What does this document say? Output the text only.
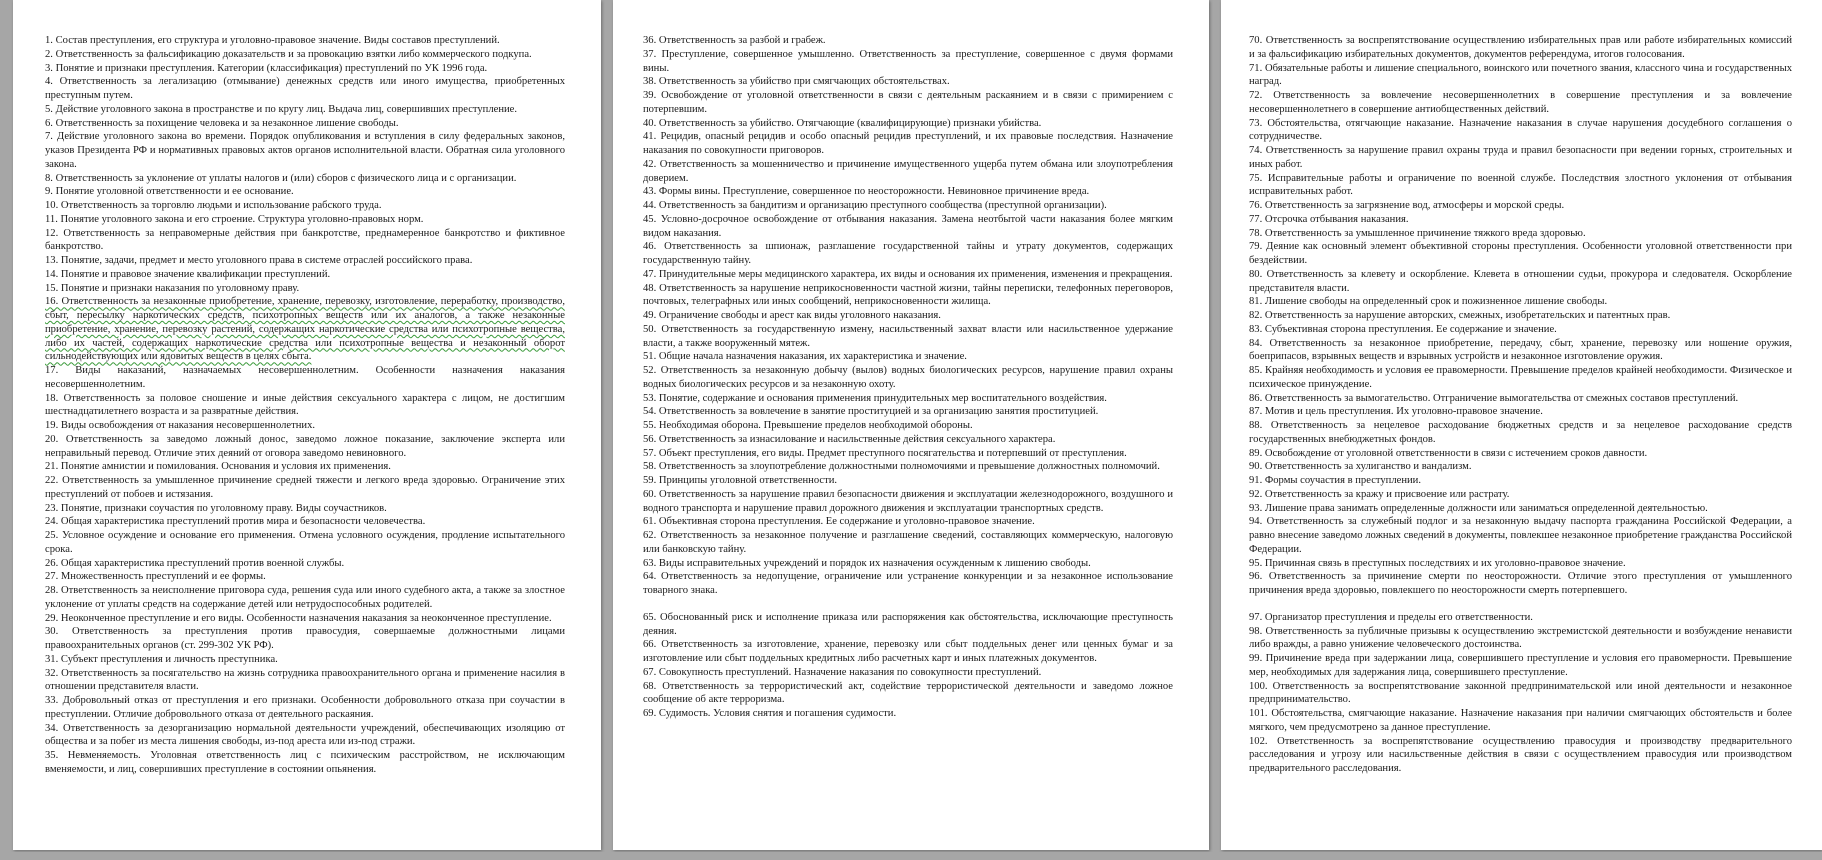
1. Состав преступления, его структура и уголовно-правовое значение. Виды составов преступлений.
2. Ответственность за фальсификацию доказательств и за провокацию взятки либо коммерческого подкупа.
3. Понятие и признаки преступления. Категории (классификация) преступлений по УК 1996 года.
4. Ответственность за легализацию (отмывание) денежных средств или иного имущества, приобретенных преступным путем.
5. Действие уголовного закона в пространстве и по кругу лиц. Выдача лиц, совершивших преступление.
6. Ответственность за похищение человека и за незаконное лишение свободы.
7. Действие уголовного закона во времени. Порядок опубликования и вступления в силу федеральных законов, указов Президента РФ и нормативных правовых актов органов исполнительной власти. Обратная сила уголовного закона.
8. Ответственность за уклонение от уплаты налогов и (или) сборов с физического лица и с организации.
9. Понятие уголовной ответственности и ее основание.
10. Ответственность за торговлю людьми и использование рабского труда.
11. Понятие уголовного закона и его строение. Структура уголовно-правовых норм.
12. Ответственность за неправомерные действия при банкротстве, преднамеренное банкротство и фиктивное банкротство.
13. Понятие, задачи, предмет и место уголовного права в системе отраслей российского права.
14. Понятие и правовое значение квалификации преступлений.
15. Понятие и признаки наказания по уголовному праву.
16. Ответственность за незаконные приобретение, хранение, перевозку, изготовление, переработку, производство, сбыт, пересылку наркотических средств, психотропных веществ или их аналогов, а также незаконные приобретение, хранение, перевозку растений, содержащих наркотические средства или психотропные вещества, либо их частей, содержащих наркотические средства или психотропные вещества и незаконный оборот сильнодействующих или ядовитых веществ в целях сбыта.
17. Виды наказаний, назначаемых несовершеннолетним. Особенности назначения наказания несовершеннолетним.
18. Ответственность за половое сношение и иные действия сексуального характера с лицом, не достигшим шестнадцатилетнего возраста и за развратные действия.
19. Виды освобождения от наказания несовершеннолетних.
20. Ответственность за заведомо ложный донос, заведомо ложное показание, заключение эксперта или неправильный перевод. Отличие этих деяний от оговора заведомо невиновного.
21. Понятие амнистии и помилования. Основания и условия их применения.
22. Ответственность за умышленное причинение средней тяжести и легкого вреда здоровью. Ограничение этих преступлений от побоев и истязания.
23. Понятие, признаки соучастия по уголовному праву. Виды соучастников.
24. Общая характеристика преступлений против мира и безопасности человечества.
25. Условное осуждение и основание его применения. Отмена условного осуждения, продление испытательного срока.
26. Общая характеристика преступлений против военной службы.
27. Множественность преступлений и ее формы.
28. Ответственность за неисполнение приговора суда, решения суда или иного судебного акта, а также за злостное уклонение от уплаты средств на содержание детей или нетрудоспособных родителей.
29. Неоконченное преступление и его виды. Особенности назначения наказания за неоконченное преступление.
30. Ответственность за преступления против правосудия, совершаемые должностными лицами правоохранительных органов (ст. 299-302 УК РФ).
31. Субъект преступления и личность преступника.
32. Ответственность за посягательство на жизнь сотрудника правоохранительного органа и применение насилия в отношении представителя власти.
33. Добровольный отказ от преступления и его признаки. Особенности добровольного отказа при соучастии в преступлении. Отличие добровольного отказа от деятельного раскаяния.
34. Ответственность за дезорганизацию нормальной деятельности учреждений, обеспечивающих изоляцию от общества и за побег из места лишения свободы, из-под ареста или из-под стражи.
35. Невменяемость. Уголовная ответственность лиц с психическим расстройством, не исключающим вменяемости, и лиц, совершивших преступление в состоянии опьянения.
36. Ответственность за разбой и грабеж.
37. Преступление, совершенное умышленно. Ответственность за преступление, совершенное с двумя формами вины.
38. Ответственность за убийство при смягчающих обстоятельствах.
39. Освобождение от уголовной ответственности в связи с деятельным раскаянием и в связи с примирением с потерпевшим.
40. Ответственность за убийство. Отягчающие (квалифицирующие) признаки убийства.
41. Рецидив, опасный рецидив и особо опасный рецидив преступлений, и их правовые последствия. Назначение наказания по совокупности приговоров.
42. Ответственность за мошенничество и причинение имущественного ущерба путем обмана или злоупотребления доверием.
43. Формы вины. Преступление, совершенное по неосторожности. Невиновное причинение вреда.
44. Ответственность за бандитизм и организацию преступного сообщества (преступной организации).
45. Условно-досрочное освобождение от отбывания наказания. Замена неотбытой части наказания более мягким видом наказания.
46. Ответственность за шпионаж, разглашение государственной тайны и утрату документов, содержащих государственную тайну.
47. Принудительные меры медицинского характера, их виды и основания их применения, изменения и прекращения.
48. Ответственность за нарушение неприкосновенности частной жизни, тайны переписки, телефонных переговоров, почтовых, телеграфных или иных сообщений, неприкосновенности жилища.
49. Ограничение свободы и арест как виды уголовного наказания.
50. Ответственность за государственную измену, насильственный захват власти или насильственное удержание власти, а также вооруженный мятеж.
51. Общие начала назначения наказания, их характеристика и значение.
52. Ответственность за незаконную добычу (вылов) водных биологических ресурсов, нарушение правил охраны водных биологических ресурсов и за незаконную охоту.
53. Понятие, содержание и основания применения принудительных мер воспитательного воздействия.
54. Ответственность за вовлечение в занятие проституцией и за организацию занятия проституцией.
55. Необходимая оборона. Превышение пределов необходимой обороны.
56. Ответственность за изнасилование и насильственные действия сексуального характера.
57. Объект преступления, его виды. Предмет преступного посягательства и потерпевший от преступления.
58. Ответственность за злоупотребление должностными полномочиями и превышение должностных полномочий.
59. Принципы уголовной ответственности.
60. Ответственность за нарушение правил безопасности движения и эксплуатации железнодорожного, воздушного и водного транспорта и нарушение правил дорожного движения и эксплуатации транспортных средств.
61. Объективная сторона преступления. Ее содержание и уголовно-правовое значение.
62. Ответственность за незаконное получение и разглашение сведений, составляющих коммерческую, налоговую или банковскую тайну.
63. Виды исправительных учреждений и порядок их назначения осужденным к лишению свободы.
64. Ответственность за недопущение, ограничение или устранение конкуренции и за незаконное использование товарного знака.
65. Обоснованный риск и исполнение приказа или распоряжения как обстоятельства, исключающие преступность деяния.
66. Ответственность за изготовление, хранение, перевозку или сбыт поддельных денег или ценных бумаг и за изготовление или сбыт поддельных кредитных либо расчетных карт и иных платежных документов.
67. Совокупность преступлений. Назначение наказания по совокупности преступлений.
68. Ответственность за террористический акт, содействие террористической деятельности и заведомо ложное сообщение об акте терроризма.
69. Судимость. Условия снятия и погашения судимости.
70. Ответственность за воспрепятствование осуществлению избирательных прав или работе избирательных комиссий и за фальсификацию избирательных документов, документов референдума, итогов голосования.
71. Обязательные работы и лишение специального, воинского или почетного звания, классного чина и государственных наград.
72. Ответственность за вовлечение несовершеннолетних в совершение преступления и за вовлечение несовершеннолетнего в совершение антиобщественных действий.
73. Обстоятельства, отягчающие наказание. Назначение наказания в случае нарушения досудебного соглашения о сотрудничестве.
74. Ответственность за нарушение правил охраны труда и правил безопасности при ведении горных, строительных и иных работ.
75. Исправительные работы и ограничение по военной службе. Последствия злостного уклонения от отбывания исправительных работ.
76. Ответственность за загрязнение вод, атмосферы и морской среды.
77. Отсрочка отбывания наказания.
78. Ответственность за умышленное причинение тяжкого вреда здоровью.
79. Деяние как основный элемент объективной стороны преступления. Особенности уголовной ответственности при бездействии.
80. Ответственность за клевету и оскорбление. Клевета в отношении судьи, прокурора и следователя. Оскорбление представителя власти.
81. Лишение свободы на определенный срок и пожизненное лишение свободы.
82. Ответственность за нарушение авторских, смежных, изобретательских и патентных прав.
83. Субъективная сторона преступления. Ее содержание и значение.
84. Ответственность за незаконное приобретение, передачу, сбыт, хранение, перевозку или ношение оружия, боеприпасов, взрывных веществ и взрывных устройств и незаконное изготовление оружия.
85. Крайняя необходимость и условия ее правомерности. Превышение пределов крайней необходимости. Физическое и психическое принуждение.
86. Ответственность за вымогательство. Отграничение вымогательства от смежных составов преступлений.
87. Мотив и цель преступления. Их уголовно-правовое значение.
88. Ответственность за нецелевое расходование бюджетных средств и за нецелевое расходование средств государственных внебюджетных фондов.
89. Освобождение от уголовной ответственности в связи с истечением сроков давности.
90. Ответственность за хулиганство и вандализм.
91. Формы соучастия в преступлении.
92. Ответственность за кражу и присвоение или растрату.
93. Лишение права занимать определенные должности или заниматься определенной деятельностью.
94. Ответственность за служебный подлог и за незаконную выдачу паспорта гражданина Российской Федерации, а равно внесение заведомо ложных сведений в документы, повлекшее незаконное приобретение гражданства Российской Федерации.
95. Причинная связь в преступных последствиях и их уголовно-правовое значение.
96. Ответственность за причинение смерти по неосторожности. Отличие этого преступления от умышленного причинения вреда здоровью, повлекшего по неосторожности смерть потерпевшего.
97. Организатор преступления и пределы его ответственности.
98. Ответственность за публичные призывы к осуществлению экстремистской деятельности и возбуждение ненависти либо вражды, а равно унижение человеческого достоинства.
99. Причинение вреда при задержании лица, совершившего преступление и условия его правомерности. Превышение мер, необходимых для задержания лица, совершившего преступление.
100. Ответственность за воспрепятствование законной предпринимательской или иной деятельности и незаконное предпринимательство.
101. Обстоятельства, смягчающие наказание. Назначение наказания при наличии смягчающих обстоятельств и более мягкого, чем предусмотрено за данное преступление.
102. Ответственность за воспрепятствование осуществлению правосудия и производству предварительного расследования и угрозу или насильственные действия в связи с осуществлением правосудия или производством предварительного расследования.
